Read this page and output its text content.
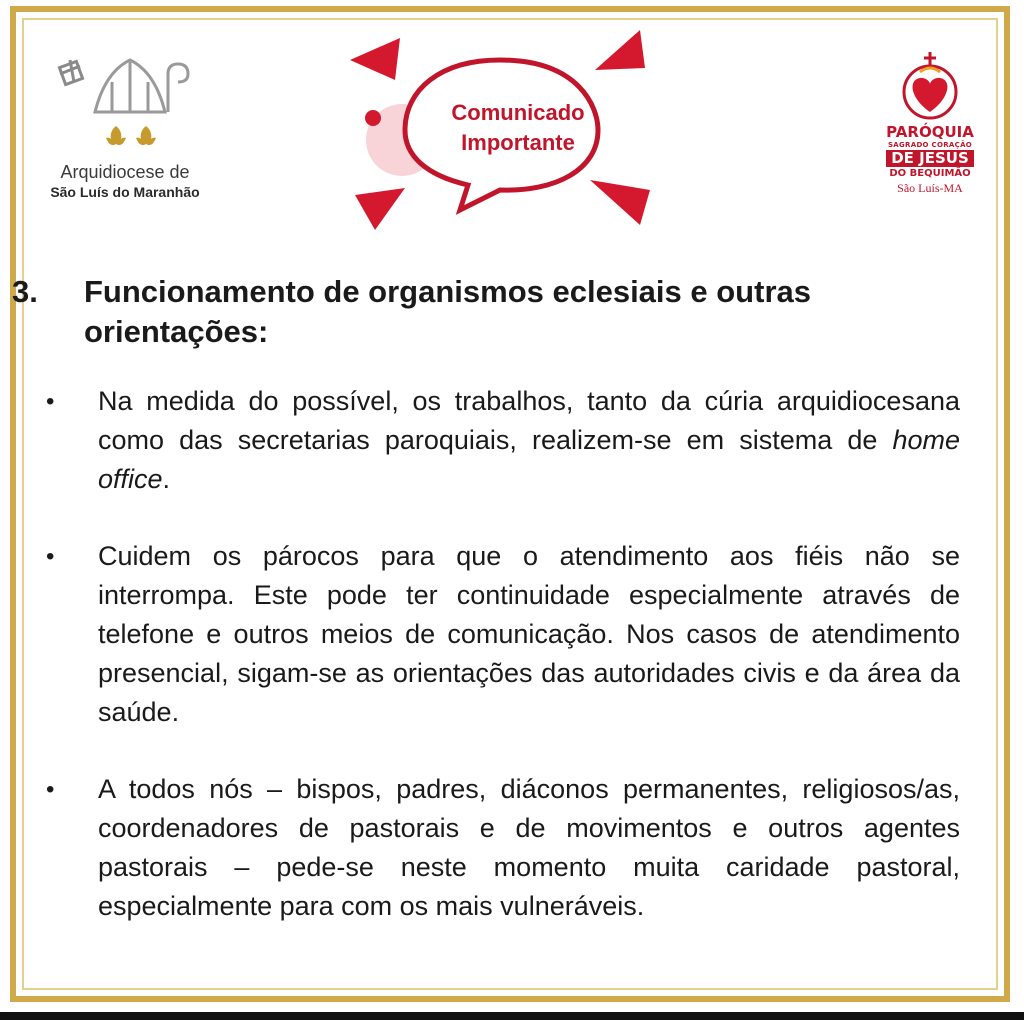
Arquidiocese de
São Luís do Maranhão
Comunicado
Importante	PARÓQUIA
SAGRADO CORAÇÃO
DE JESUS
DO BEQUIMÃO
São Luís-MA
3. Funcionamento de organismos eclesiais e outras orientações:
• Na medida do possível, os trabalhos, tanto da cúria arquidiocesana como das secretarias paroquiais, realizem-se em sistema de home office.
• Cuidem os párocos para que o atendimento aos fiéis não se interrompa. Este pode ter continuidade especialmente através de telefone e outros meios de comunicação. Nos casos de atendimento presencial, sigam-se as orientações das autoridades civis e da área da saúde.
• A todos nós – bispos, padres, diáconos permanentes, religiosos/as, coordenadores de pastorais e de movimentos e outros agentes pastorais – pede-se neste momento muita caridade pastoral, especialmente para com os mais vulneráveis.
